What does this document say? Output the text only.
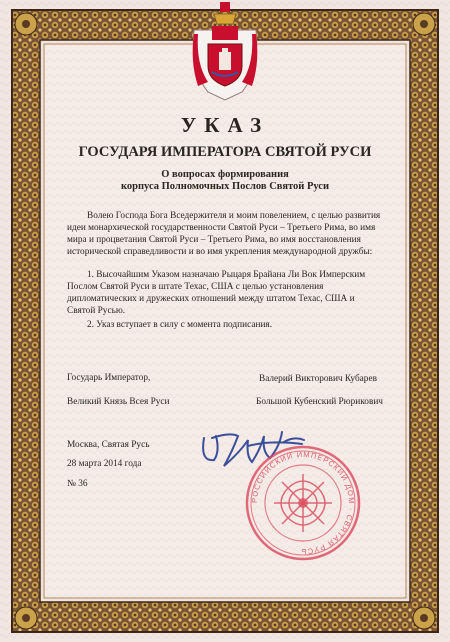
УКАЗ

ГОСУДАРЯ ИМПЕРАТОРА СВЯТОЙ РУСИ

О вопросах формирования

корпуса Полномочных Послов Святой Руси

Волею Господа Бога Вседержителя и моим повелением, с целью развития

идеи монархической государственности Святой Руси – Третьего Рима, во имя

мира и процветания Святой Руси – Третьего Рима, во имя восстановления

исторической справедливости и во имя укрепления международной дружбы:

1. Высочайшим Указом назначаю Рыцаря Брайана Ли Вок Имперским

Послом Святой Руси в штате Техас, США с целью установления

дипломатических и дружеских отношений между штатом Техас, США и

Святой Русью.

2. Указ вступает в силу с момента подписания.

Государь Император,

Великий Князь Всея Руси

Валерий Викторович Кубарев

Большой Кубенский Рюрикович

Москва, Святая Русь

28 марта 2014 года

№ 36

РОССИЙСКИЙ ИМПЕРСКИЙ ДОМ · СВЯТАЯ РУСЬ
